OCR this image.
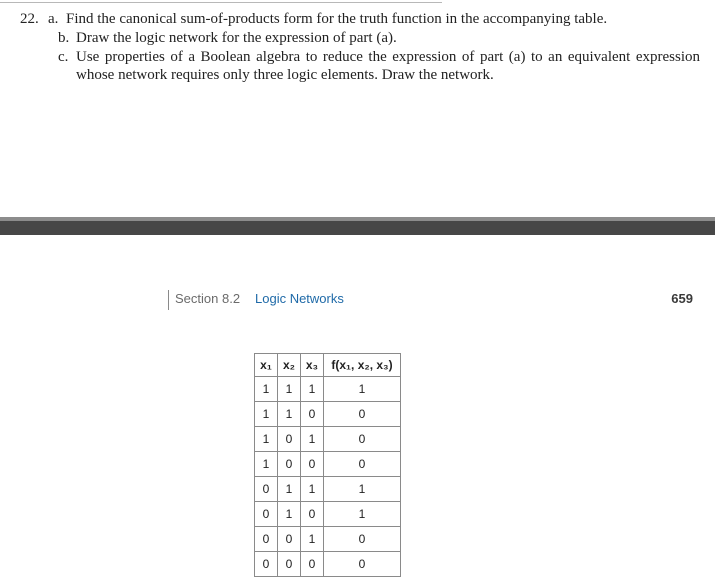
22. a. Find the canonical sum-of-products form for the truth function in the accompanying table.
b. Draw the logic network for the expression of part (a).
c. Use properties of a Boolean algebra to reduce the expression of part (a) to an equivalent expression whose network requires only three logic elements. Draw the network.
Section 8.2 Logic Networks	659
x₁	x₂	x₃	f(x₁, x₂, x₃)
1	1	1	1
1	1	0	0
1	0	1	0
1	0	0	0
0	1	1	1
0	1	0	1
0	0	1	0
0	0	0	0
